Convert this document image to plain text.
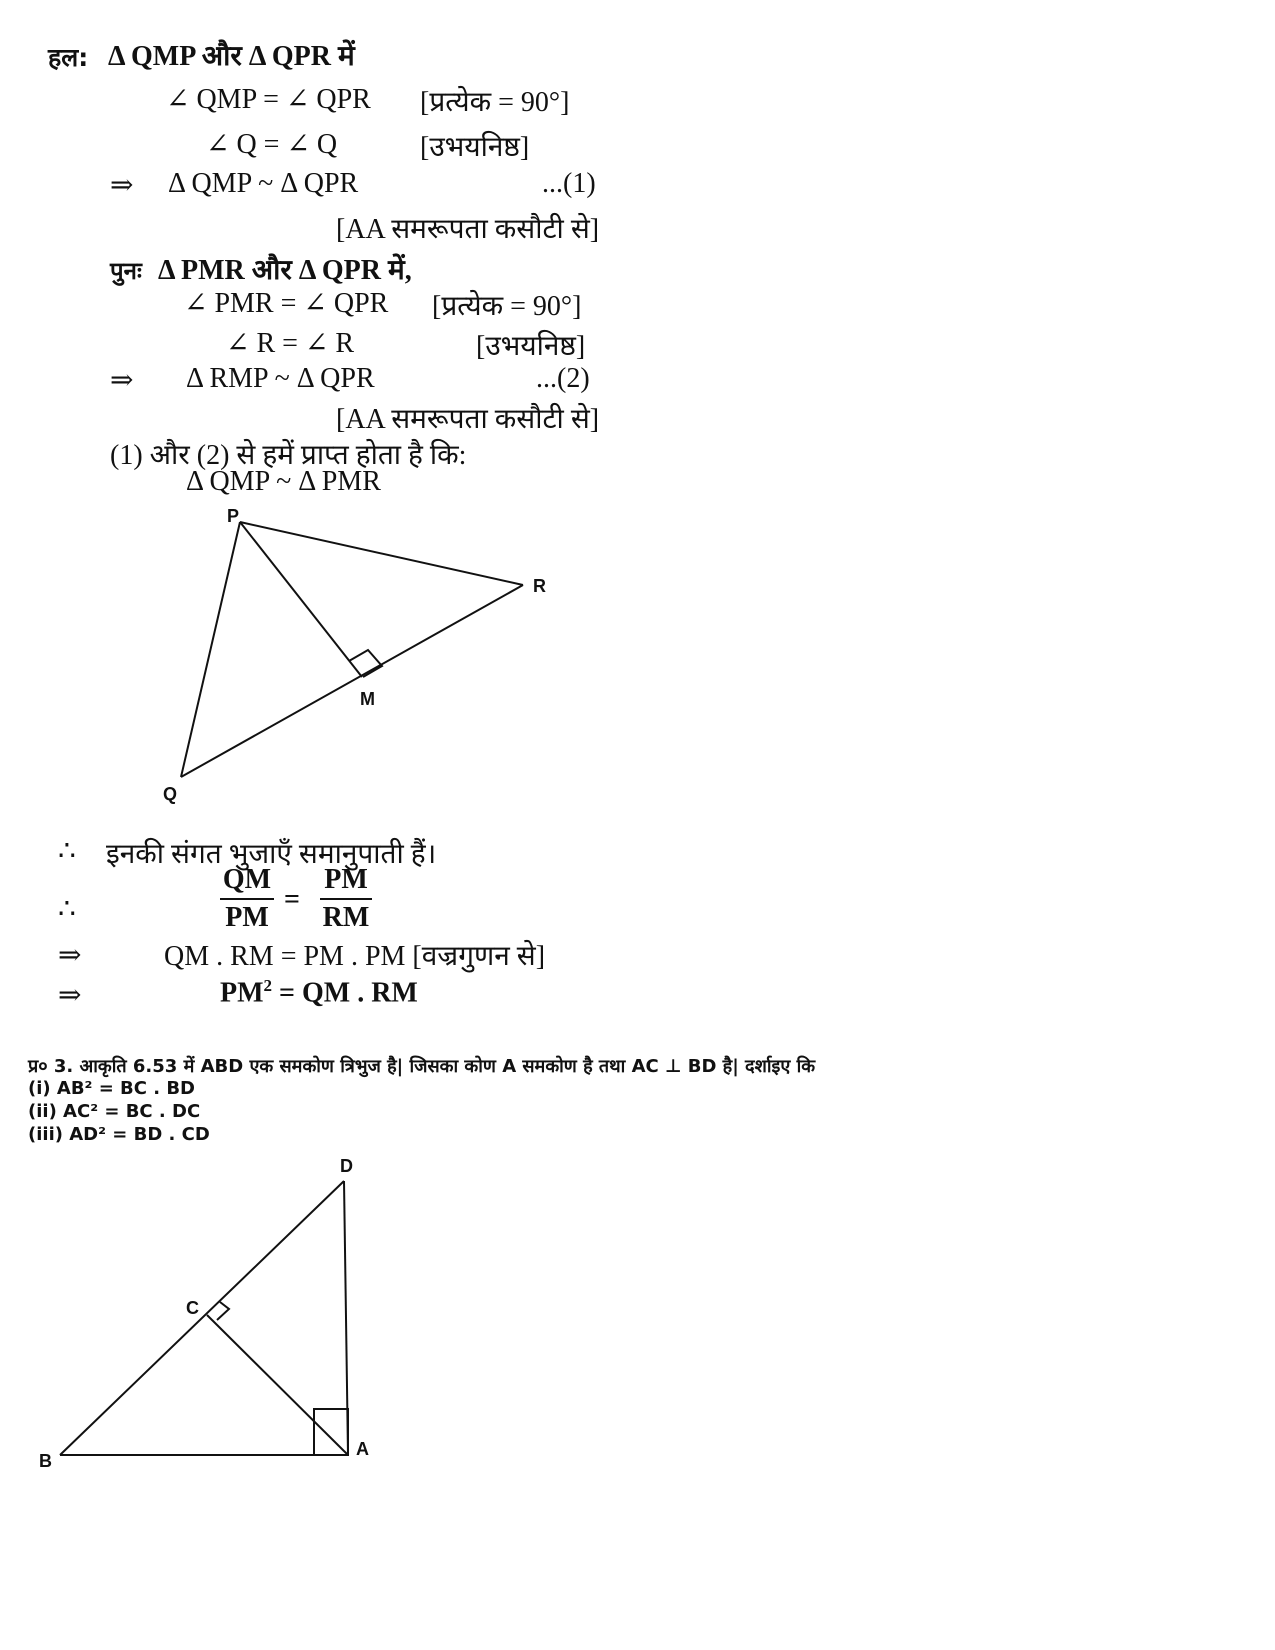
हल: Δ QMP और Δ QPR में
∠ QMP = ∠ QPR [प्रत्येक = 90°]
∠ Q = ∠ Q	[उभयनिष्ठ]
⇒ Δ QMP ~ Δ QPR	...(1)
[AA समरूपता कसौटी से]
पुनः Δ PMR और Δ QPR में,
∠ PMR = ∠ QPR [प्रत्येक = 90°]
∠ R = ∠ R	[उभयनिष्ठ]
⇒ Δ RMP ~ Δ QPR	...(2)
[AA समरूपता कसौटी से]
(1) और (2) से हमें प्राप्त होता है कि:
Δ QMP ~ Δ PMR
P
R
M
Q
∴ इनकी संगत भुजाएँ समानुपाती हैं।
∴	$\frac{QM}{PM} = \frac{PM}{RM}$
⇒	QM . RM = PM . PM [वज्रगुणन से]
⇒	$PM^2$ = QM . RM
प्र० 3. आकृति 6.53 में ABD एक समकोण त्रिभुज है| जिसका कोण A समकोण है तथा AC ⊥ BD है| दर्शाइए कि
(i) AB² = BC . BD
(ii) AC² = BC . DC
(iii) AD² = BD . CD
D
C
B
A
